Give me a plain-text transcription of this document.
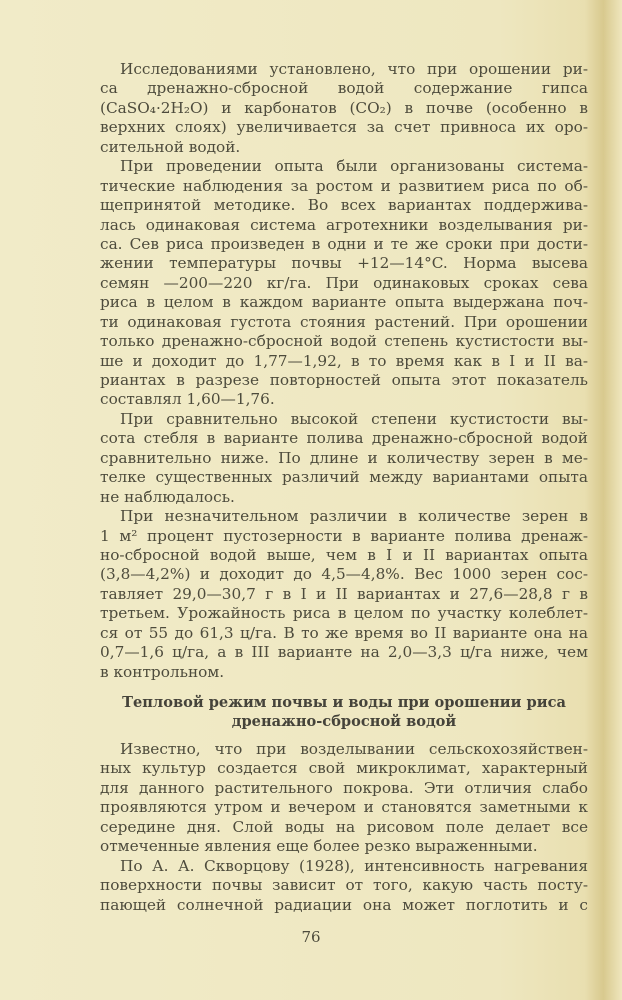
Исследованиями установлено, что при орошении ри-
са дренажно-сбросной водой содержание гипса
(CaSO₄·2H₂O) и карбонатов (CO₂) в почве (особенно в
верхних слоях) увеличивается за счет привноса их оро-
сительной водой.
При проведении опыта были организованы система-
тические наблюдения за ростом и развитием риса по об-
щепринятой методике. Во всех вариантах поддержива-
лась одинаковая система агротехники возделывания ри-
са. Сев риса произведен в одни и те же сроки при дости-
жении температуры почвы +12—14°C. Норма высева
семян —200—220 кг/га. При одинаковых сроках сева
риса в целом в каждом варианте опыта выдержана поч-
ти одинаковая густота стояния растений. При орошении
только дренажно-сбросной водой степень кустистости вы-
ше и доходит до 1,77—1,92, в то время как в I и II ва-
риантах в разрезе повторностей опыта этот показатель
составлял 1,60—1,76.
При сравнительно высокой степени кустистости вы-
сота стебля в варианте полива дренажно-сбросной водой
сравнительно ниже. По длине и количеству зерен в ме-
телке существенных различий между вариантами опыта
не наблюдалось.
При незначительном различии в количестве зерен в
1 м² процент пустозерности в варианте полива дренаж-
но-сбросной водой выше, чем в I и II вариантах опыта
(3,8—4,2%) и доходит до 4,5—4,8%. Вес 1000 зерен сос-
тавляет 29,0—30,7 г в I и II вариантах и 27,6—28,8 г в
третьем. Урожайность риса в целом по участку колеблет-
ся от 55 до 61,3 ц/га. В то же время во II варианте она на
0,7—1,6 ц/га, а в III варианте на 2,0—3,3 ц/га ниже, чем
в контрольном.
Тепловой режим почвы и воды при орошении риса
дренажно-сбросной водой
Известно, что при возделывании сельскохозяйствен-
ных культур создается свой микроклимат, характерный
для данного растительного покрова. Эти отличия слабо
проявляются утром и вечером и становятся заметными к
середине дня. Слой воды на рисовом поле делает все
отмеченные явления еще более резко выраженными.
По А. А. Скворцову (1928), интенсивность нагревания
поверхности почвы зависит от того, какую часть посту-
пающей солнечной радиации она может поглотить и с
76
